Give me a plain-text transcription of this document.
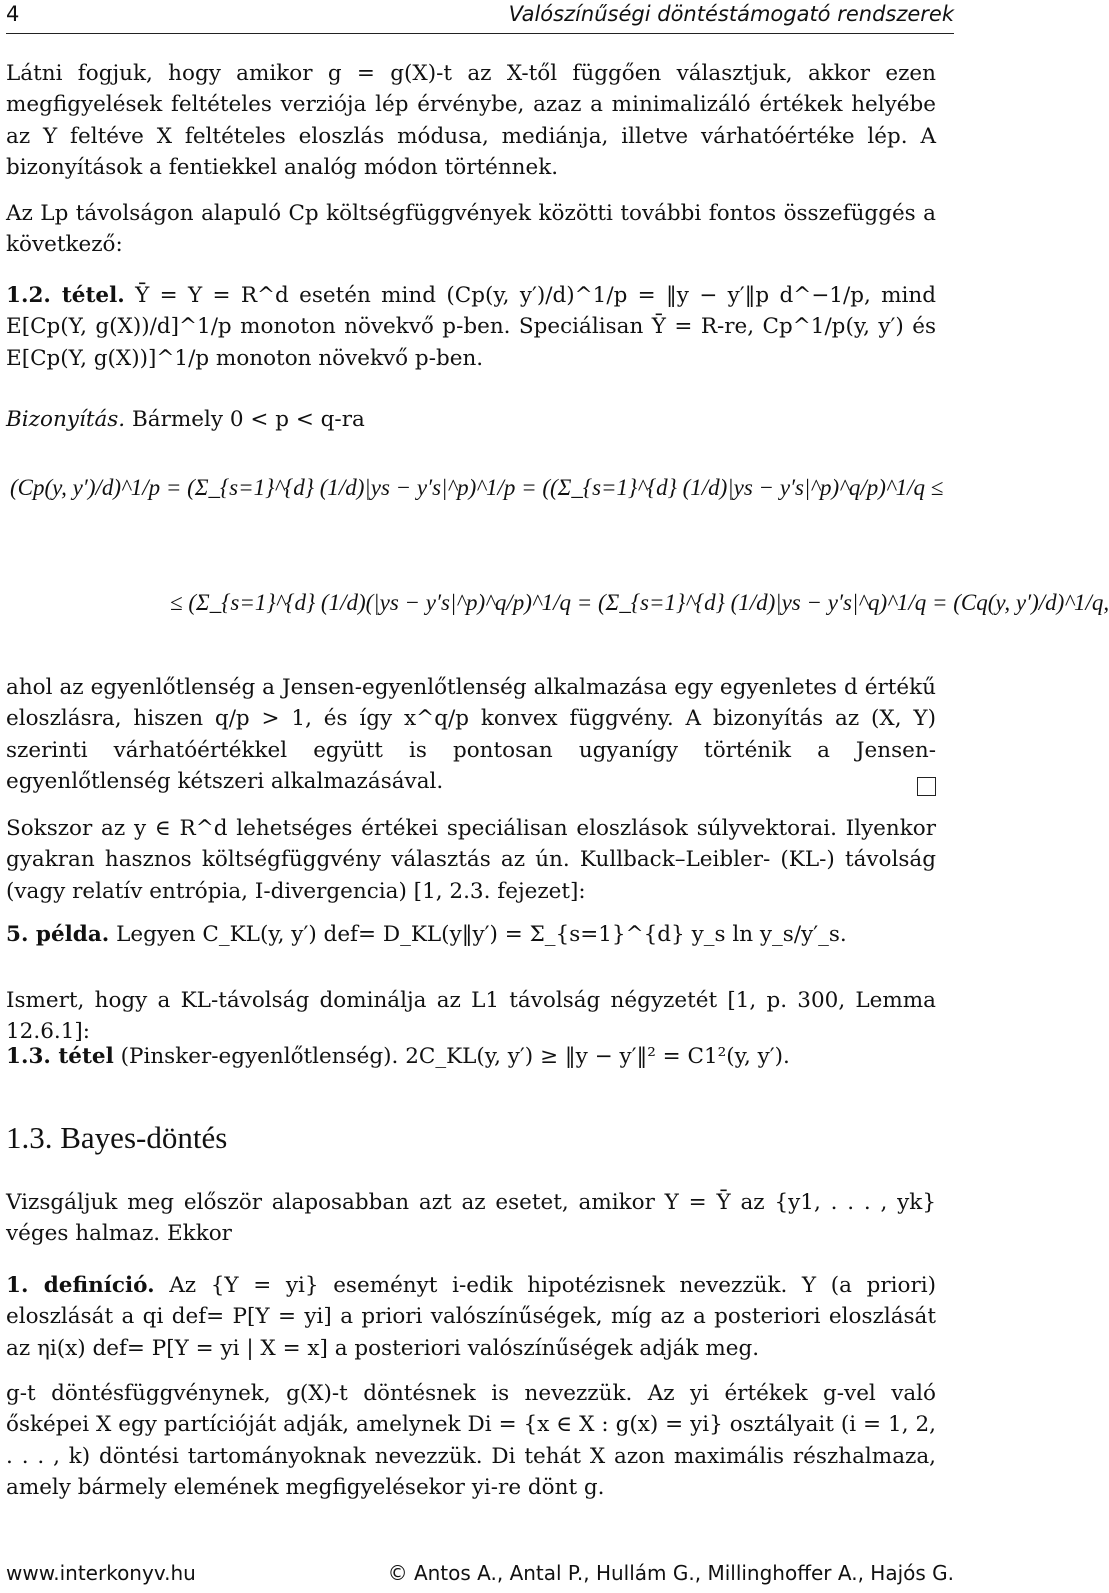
4	Valószínűségi döntéstámogató rendszerek
Látni fogjuk, hogy amikor g = g(X)-t az X-től függően választjuk, akkor ezen megfigyelések feltételes verziója lép érvénybe, azaz a minimalizáló értékek helyébe az Y feltéve X feltételes eloszlás módusa, mediánja, illetve várhatóértéke lép. A bizonyítások a fentiekkel analóg módon történnek.
Az Lp távolságon alapuló Cp költségfüggvények közötti további fontos összefüggés a következő:
1.2. tétel. Ȳ = Y = R^d esetén mind (Cp(y, y′)/d)^1/p = ‖y − y′‖p d^−1/p, mind E[Cp(Y, g(X))/d]^1/p monoton növekvő p-ben. Speciálisan Ȳ = R-re, Cp^1/p(y, y′) és E[Cp(Y, g(X))]^1/p monoton növekvő p-ben.
Bizonyítás. Bármely 0 < p < q-ra
(Cp(y, y′)/d)^1/p = (Σ_{s=1}^{d} (1/d)|ys − y′s|^p)^1/p = ((Σ_{s=1}^{d} (1/d)|ys − y′s|^p)^q/p)^1/q ≤
≤ (Σ_{s=1}^{d} (1/d)(|ys − y′s|^p)^q/p)^1/q = (Σ_{s=1}^{d} (1/d)|ys − y′s|^q)^1/q = (Cq(y, y′)/d)^1/q,
ahol az egyenlőtlenség a Jensen-egyenlőtlenség alkalmazása egy egyenletes d értékű eloszlásra, hiszen q/p > 1, és így x^q/p konvex függvény. A bizonyítás az (X, Y) szerinti várhatóértékkel együtt is pontosan ugyanígy történik a Jensen-egyenlőtlenség kétszeri alkalmazásával.
Sokszor az y ∈ R^d lehetséges értékei speciálisan eloszlások súlyvektorai. Ilyenkor gyakran hasznos költségfüggvény választás az ún. Kullback–Leibler- (KL-) távolság (vagy relatív entrópia, I-divergencia) [1, 2.3. fejezet]:
5. példa. Legyen C_KL(y, y′) def= D_KL(y‖y′) = Σ_{s=1}^{d} y_s ln y_s/y′_s.
Ismert, hogy a KL-távolság dominálja az L1 távolság négyzetét [1, p. 300, Lemma 12.6.1]:
1.3. tétel (Pinsker-egyenlőtlenség). 2C_KL(y, y′) ≥ ‖y − y′‖² = C1²(y, y′).
1.3. Bayes-döntés
Vizsgáljuk meg először alaposabban azt az esetet, amikor Y = Ȳ az {y1, . . . , yk} véges halmaz. Ekkor
1. definíció. Az {Y = yi} eseményt i-edik hipotézisnek nevezzük. Y (a priori) eloszlását a qi def= P[Y = yi] a priori valószínűségek, míg az a posteriori eloszlását az ηi(x) def= P[Y = yi | X = x] a posteriori valószínűségek adják meg.
g-t döntésfüggvénynek, g(X)-t döntésnek is nevezzük. Az yi értékek g-vel való ősképei X egy partícióját adják, amelynek Di = {x ∈ X : g(x) = yi} osztályait (i = 1, 2, . . . , k) döntési tartományoknak nevezzük. Di tehát X azon maximális részhalmaza, amely bármely elemének megfigyelésekor yi-re dönt g.
www.interkonyv.hu	© Antos A., Antal P., Hullám G., Millinghoffer A., Hajós G.
